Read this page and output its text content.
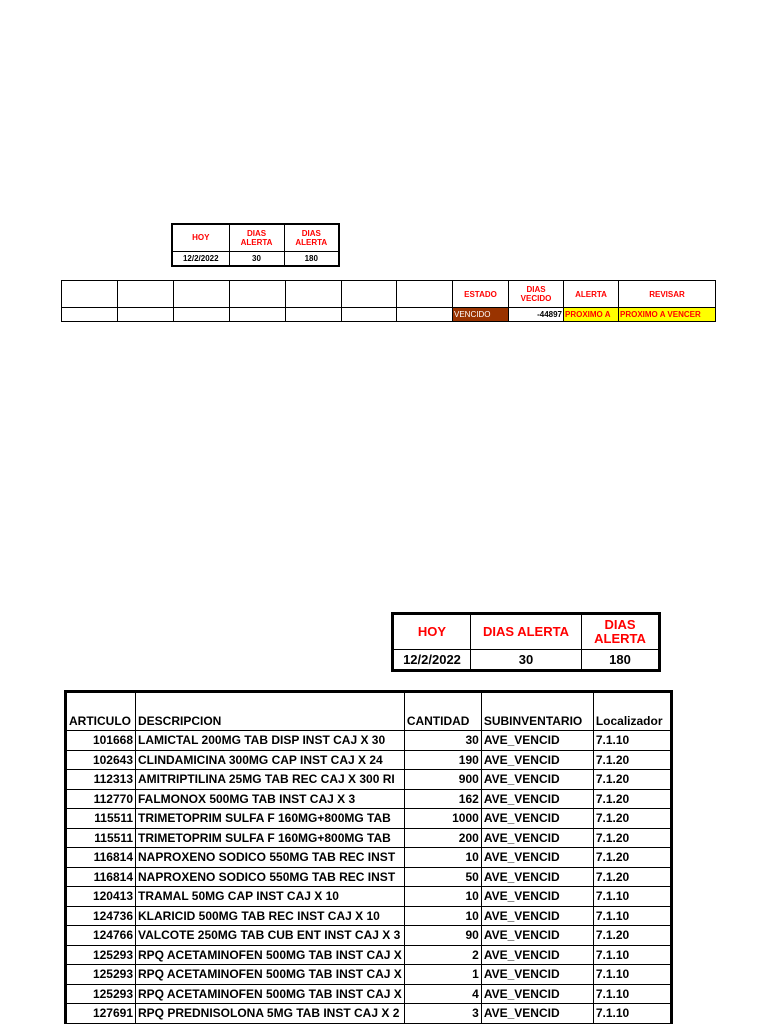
HOY	DIAS ALERTA	DIAS ALERTA
12/2/2022	30	180
							ESTADO	DIAS VECIDO	ALERTA	REVISAR
							VENCIDO	-44897	PROXIMO A	PROXIMO A VENCER
HOY	DIAS ALERTA	DIAS ALERTA
12/2/2022	30	180
ARTICULO	DESCRIPCION	CANTIDAD	SUBINVENTARIO	Localizador
101668	LAMICTAL 200MG TAB DISP INST CAJ X 30	30	AVE_VENCID	7.1.10
102643	CLINDAMICINA 300MG CAP INST CAJ X 24	190	AVE_VENCID	7.1.20
112313	AMITRIPTILINA 25MG TAB REC CAJ X 300 RI	900	AVE_VENCID	7.1.20
112770	FALMONOX 500MG TAB INST CAJ X 3	162	AVE_VENCID	7.1.20
115511	TRIMETOPRIM SULFA F 160MG+800MG TAB	1000	AVE_VENCID	7.1.20
115511	TRIMETOPRIM SULFA F 160MG+800MG TAB	200	AVE_VENCID	7.1.20
116814	NAPROXENO SODICO 550MG TAB REC INST	10	AVE_VENCID	7.1.20
116814	NAPROXENO SODICO 550MG TAB REC INST	50	AVE_VENCID	7.1.20
120413	TRAMAL 50MG CAP INST CAJ X 10	10	AVE_VENCID	7.1.10
124736	KLARICID 500MG TAB REC INST CAJ X 10	10	AVE_VENCID	7.1.10
124766	VALCOTE 250MG TAB CUB ENT INST CAJ X 3	90	AVE_VENCID	7.1.20
125293	RPQ ACETAMINOFEN 500MG TAB INST CAJ X	2	AVE_VENCID	7.1.10
125293	RPQ ACETAMINOFEN 500MG TAB INST CAJ X	1	AVE_VENCID	7.1.10
125293	RPQ ACETAMINOFEN 500MG TAB INST CAJ X	4	AVE_VENCID	7.1.10
127691	RPQ PREDNISOLONA 5MG TAB INST CAJ X 2	3	AVE_VENCID	7.1.10
